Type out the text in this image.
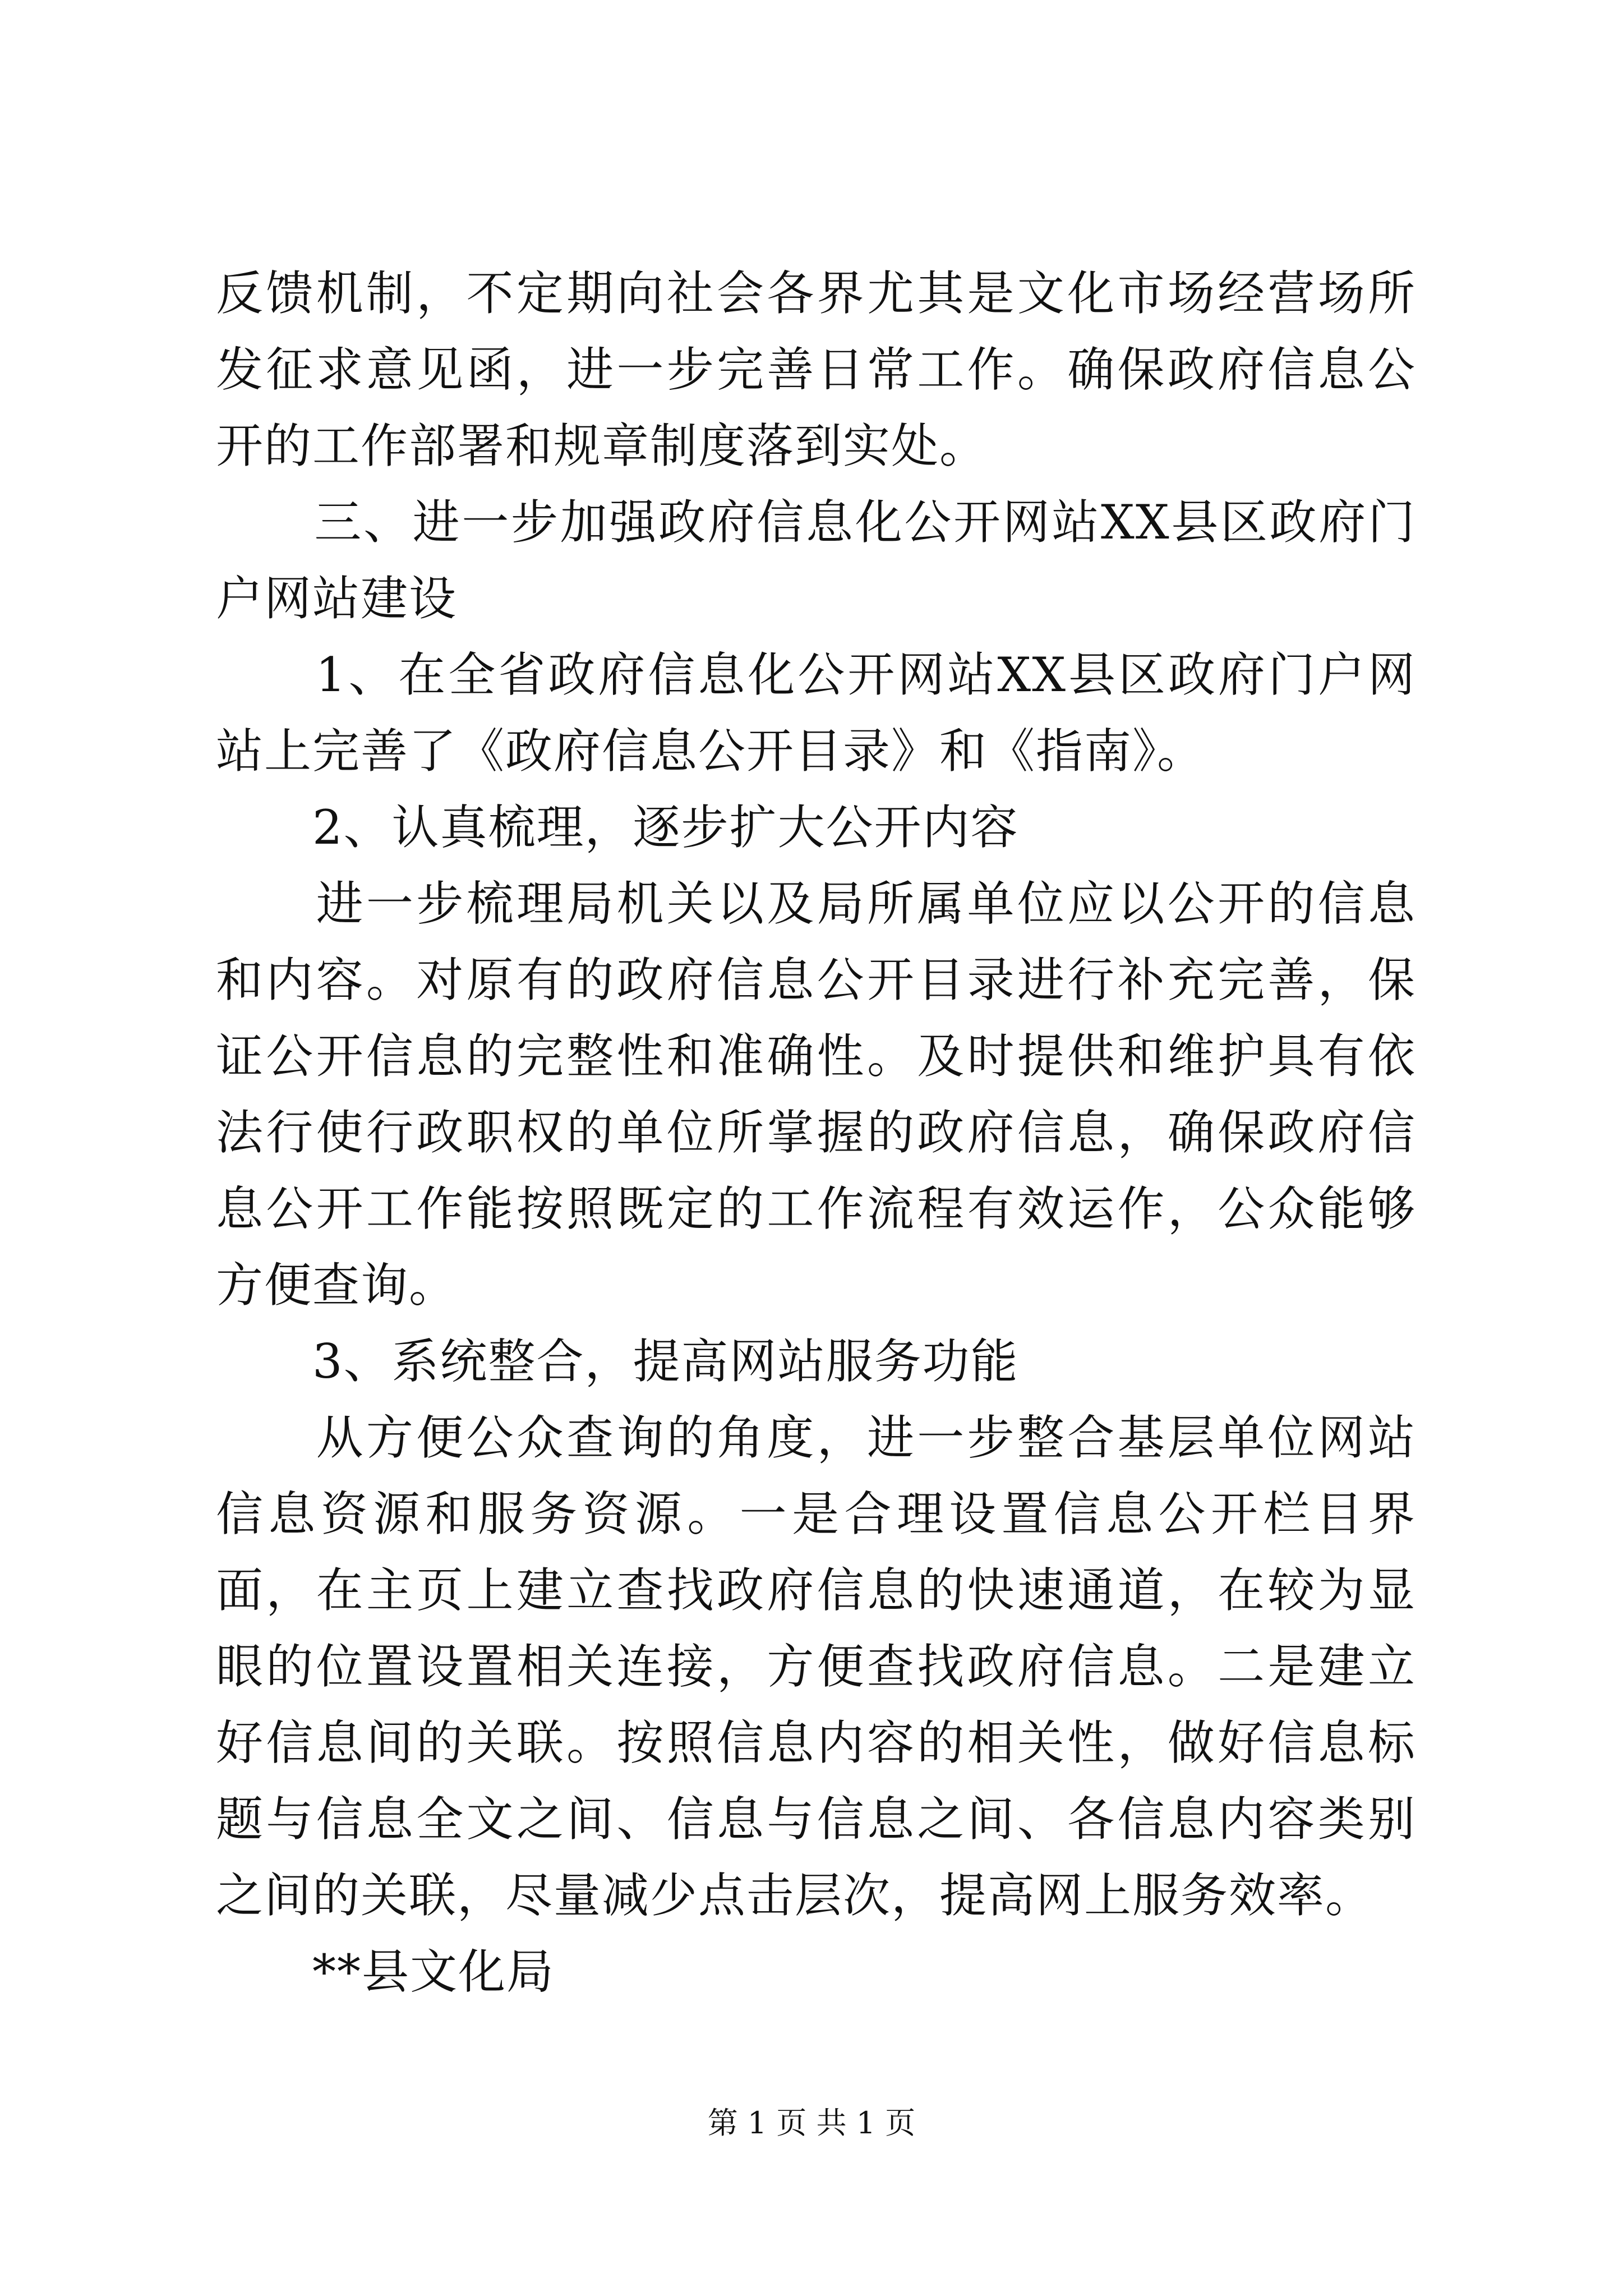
反馈机制，不定期向社会各界尤其是文化市场经营场所发征求意见函，进一步完善日常工作。确保政府信息公开的工作部署和规章制度落到实处。

　　三、进一步加强政府信息化公开网站XX县区政府门户网站建设

　　1、在全省政府信息化公开网站XX县区政府门户网站上完善了《政府信息公开目录》和《指南》。

　　2、认真梳理，逐步扩大公开内容

　　进一步梳理局机关以及局所属单位应以公开的信息和内容。对原有的政府信息公开目录进行补充完善，保证公开信息的完整性和准确性。及时提供和维护具有依法行使行政职权的单位所掌握的政府信息，确保政府信息公开工作能按照既定的工作流程有效运作，公众能够方便查询。

　　3、系统整合，提高网站服务功能

　　从方便公众查询的角度，进一步整合基层单位网站信息资源和服务资源。一是合理设置信息公开栏目界面，在主页上建立查找政府信息的快速通道，在较为显眼的位置设置相关连接，方便查找政府信息。二是建立好信息间的关联。按照信息内容的相关性，做好信息标题与信息全文之间、信息与信息之间、各信息内容类别之间的关联，尽量减少点击层次，提高网上服务效率。

　　**县文化局

第 1 页 共 1 页
